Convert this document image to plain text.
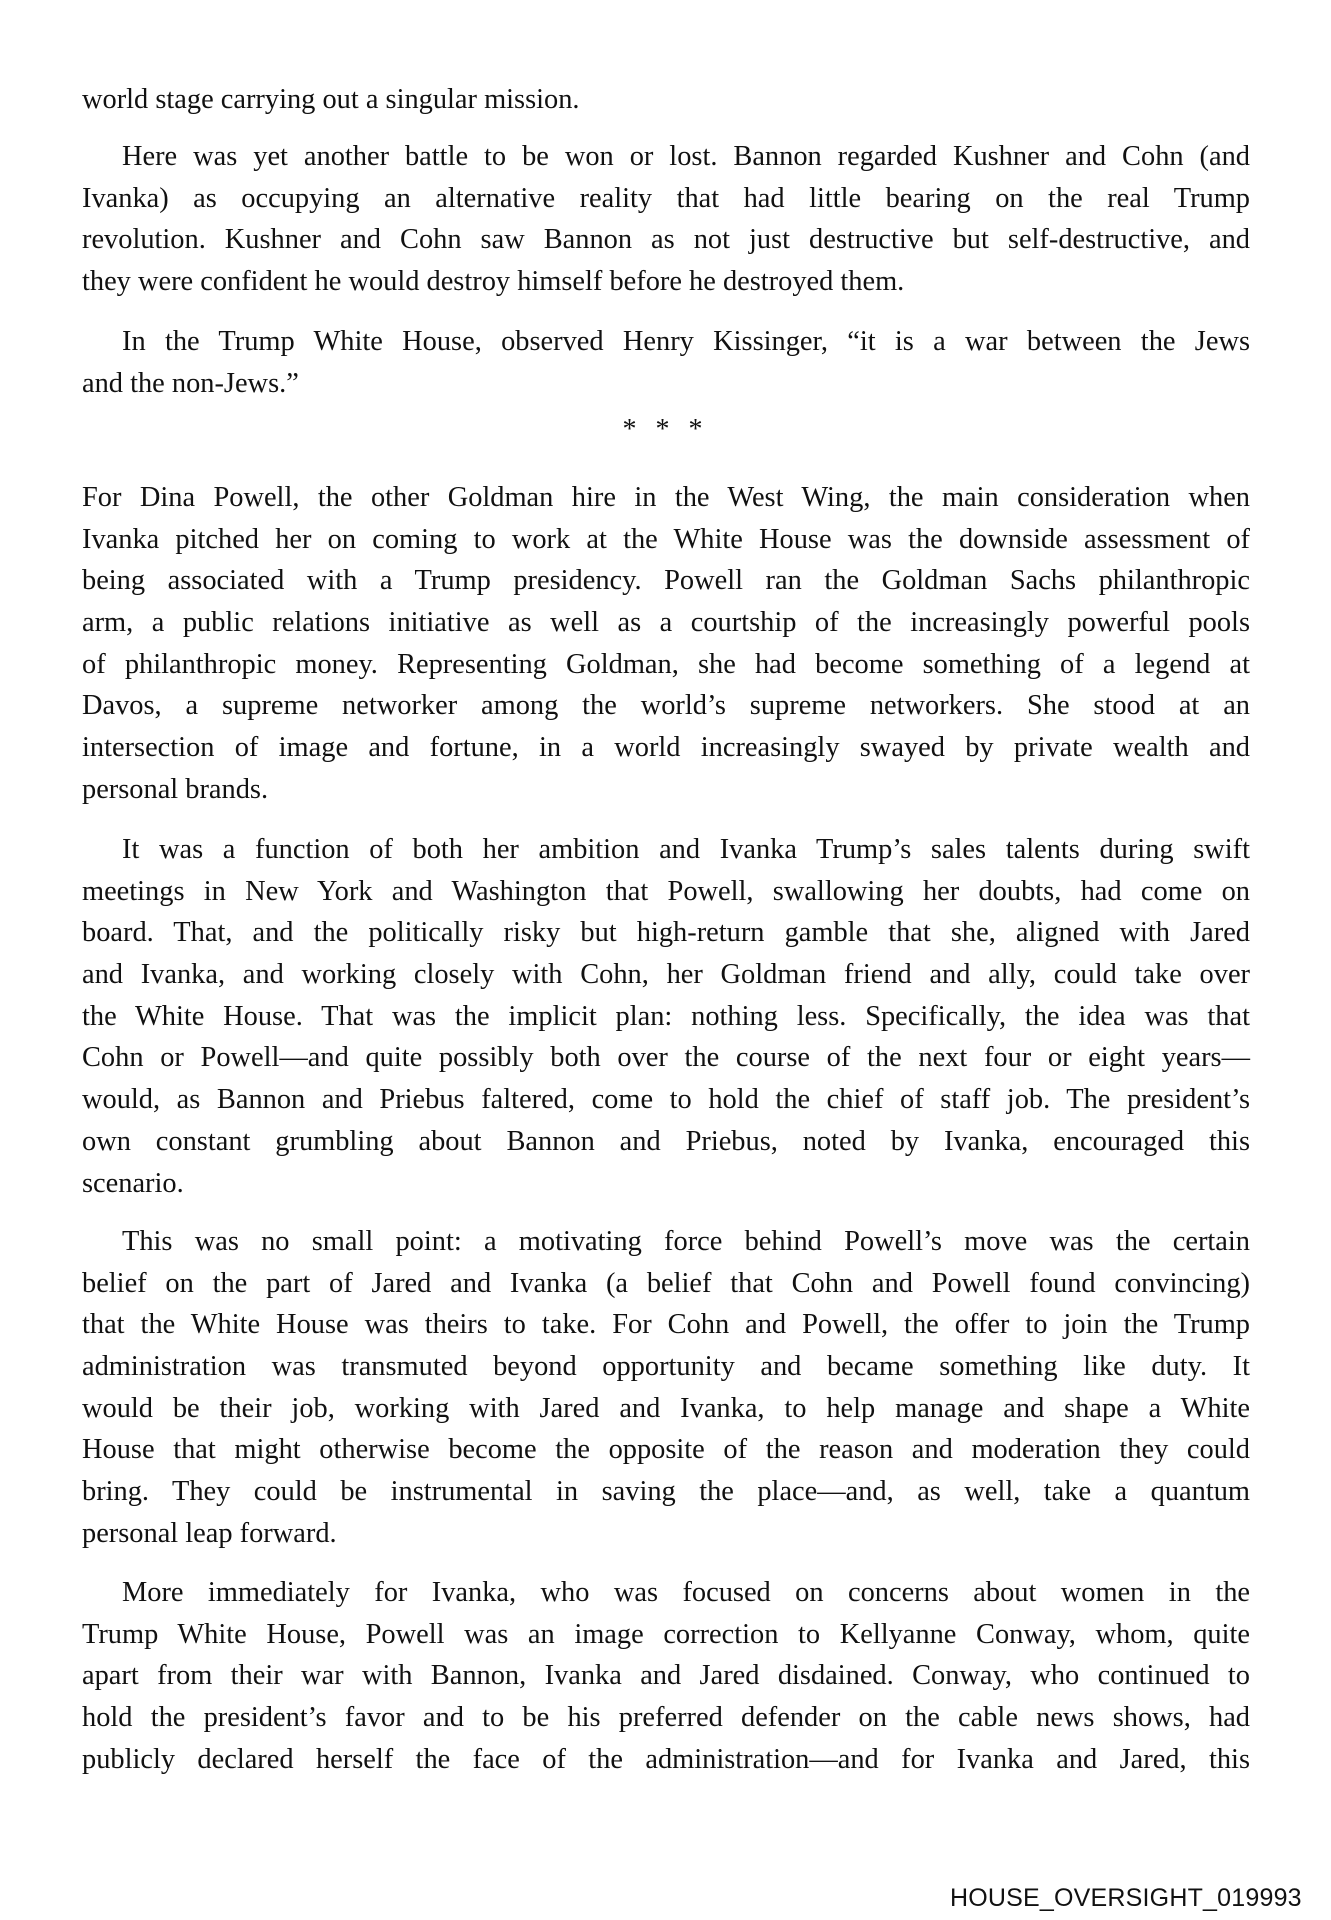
world stage carrying out a singular mission.
Here was yet another battle to be won or lost. Bannon regarded Kushner and Cohn (and
Ivanka) as occupying an alternative reality that had little bearing on the real Trump
revolution. Kushner and Cohn saw Bannon as not just destructive but self-destructive, and
they were confident he would destroy himself before he destroyed them.
In the Trump White House, observed Henry Kissinger, “it is a war between the Jews
and the non-Jews.”
For Dina Powell, the other Goldman hire in the West Wing, the main consideration when
Ivanka pitched her on coming to work at the White House was the downside assessment of
being associated with a Trump presidency. Powell ran the Goldman Sachs philanthropic
arm, a public relations initiative as well as a courtship of the increasingly powerful pools
of philanthropic money. Representing Goldman, she had become something of a legend at
Davos, a supreme networker among the world’s supreme networkers. She stood at an
intersection of image and fortune, in a world increasingly swayed by private wealth and
personal brands.
It was a function of both her ambition and Ivanka Trump’s sales talents during swift
meetings in New York and Washington that Powell, swallowing her doubts, had come on
board. That, and the politically risky but high-return gamble that she, aligned with Jared
and Ivanka, and working closely with Cohn, her Goldman friend and ally, could take over
the White House. That was the implicit plan: nothing less. Specifically, the idea was that
Cohn or Powell—and quite possibly both over the course of the next four or eight years—
would, as Bannon and Priebus faltered, come to hold the chief of staff job. The president’s
own constant grumbling about Bannon and Priebus, noted by Ivanka, encouraged this
scenario.
This was no small point: a motivating force behind Powell’s move was the certain
belief on the part of Jared and Ivanka (a belief that Cohn and Powell found convincing)
that the White House was theirs to take. For Cohn and Powell, the offer to join the Trump
administration was transmuted beyond opportunity and became something like duty. It
would be their job, working with Jared and Ivanka, to help manage and shape a White
House that might otherwise become the opposite of the reason and moderation they could
bring. They could be instrumental in saving the place—and, as well, take a quantum
personal leap forward.
More immediately for Ivanka, who was focused on concerns about women in the
Trump White House, Powell was an image correction to Kellyanne Conway, whom, quite
apart from their war with Bannon, Ivanka and Jared disdained. Conway, who continued to
hold the president’s favor and to be his preferred defender on the cable news shows, had
publicly declared herself the face of the administration—and for Ivanka and Jared, this
* * *
HOUSE_OVERSIGHT_019993
